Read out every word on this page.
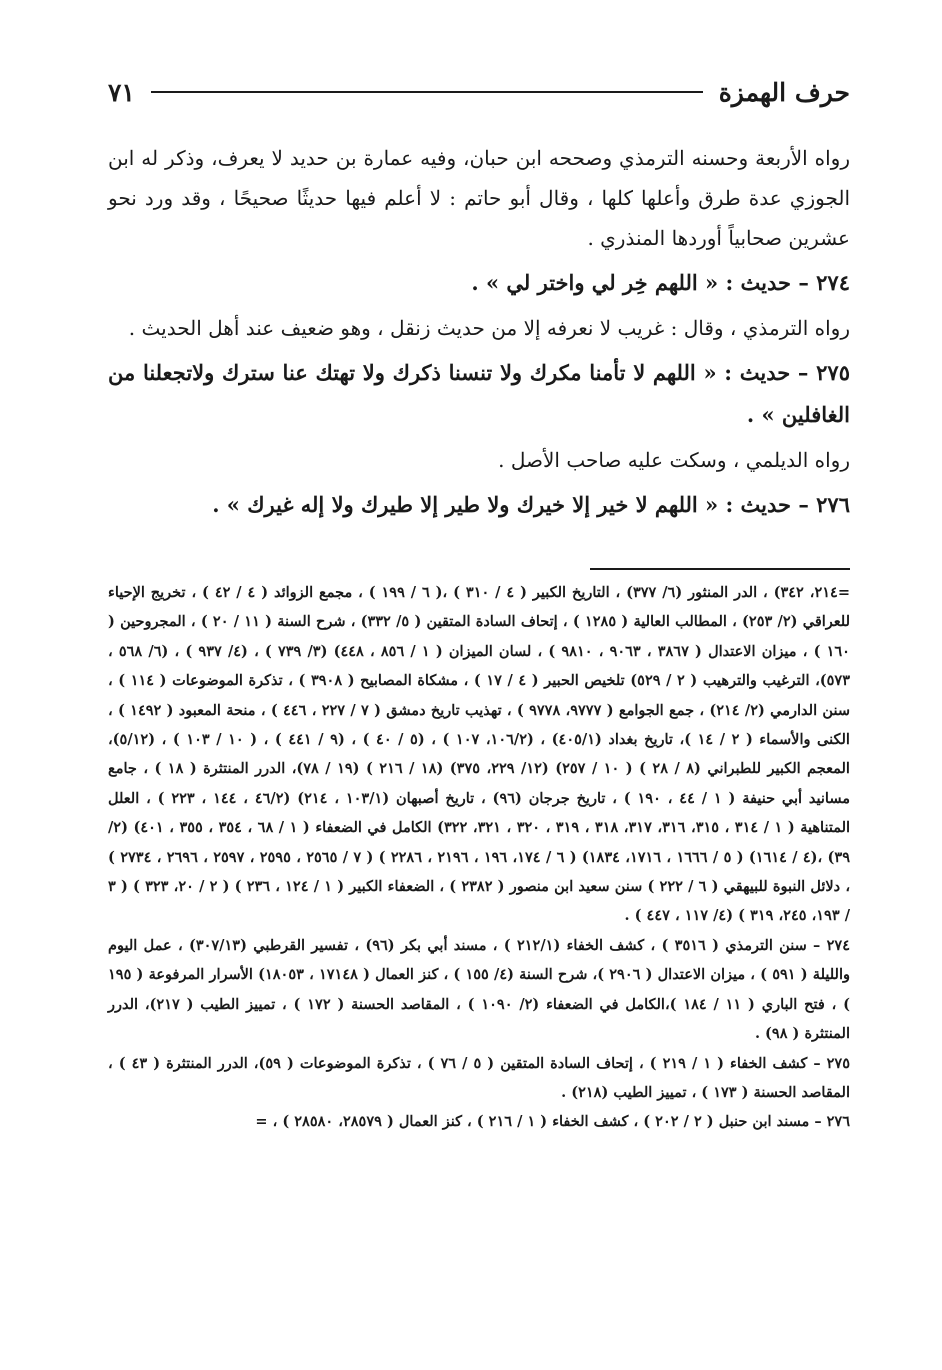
حرف الهمزة
٧١

رواه الأربعة وحسنه الترمذي وصححه ابن حبان، وفيه عمارة بن حديد لا يعرف، وذكر له ابن الجوزي عدة طرق وأعلها كلها ، وقال أبو حاتم : لا أعلم فيها حديثًا صحيحًا ، وقد ورد نحو عشرين صحابياً أوردها المنذري .

٢٧٤ – حديث : « اللهم خِر لي واختر لي » .

رواه الترمذي ، وقال : غريب لا نعرفه إلا من حديث زنقل ، وهو ضعيف عند أهل الحديث .

٢٧٥ – حديث : « اللهم لا تأمنا مكرك ولا تنسنا ذكرك ولا تهتك عنا سترك ولاتجعلنا من الغافلين » .

رواه الديلمي ، وسكت عليه صاحب الأصل .

٢٧٦ – حديث : « اللهم لا خير إلا خيرك ولا طير إلا طيرك ولا إله غيرك » .

=٢١٤، ٣٤٢) ، الدر المنثور (٦/ ٣٧٧) ، التاريخ الكبير ( ٤ / ٣١٠ ) ،( ٦ / ١٩٩ ) ، مجمع الزوائد ( ٤ / ٤٢ ) ، تخريج الإحياء للعراقي (٢/ ٢٥٣) ، المطالب العالية ( ١٢٨٥ ) ، إتحاف السادة المتقين ( ٥/ ٣٣٢) ، شرح السنة ( ١١ / ٢٠ ) ، المجروحين ( ١٦٠ ) ، ميزان الاعتدال ( ٣٨٦٧ ، ٩٠٦٣ ، ٩٨١٠ ) ، لسان الميزان ( ١ / ٨٥٦ ، ٤٤٨) (٣/ ٧٣٩ ) ، (٤/ ٩٣٧ ) ، (٦/ ٥٦٨ ، ٥٧٣)، الترغيب والترهيب ( ٢ / ٥٢٩) تلخيص الحبير ( ٤ / ١٧ ) ، مشكاة المصابيح ( ٣٩٠٨ ) ، تذكرة الموضوعات ( ١١٤ ) ، سنن الدارمي (٢/ ٢١٤) ، جمع الجوامع ( ٩٧٧٧، ٩٧٧٨ ) ، تهذيب تاريخ دمشق ( ٧ / ٢٢٧ ، ٤٤٦ ) ، منحة المعبود ( ١٤٩٢ ) ، الكنى والأسماء ( ٢ / ١٤ )، تاريخ بغداد (٤٠٥/١) ، (١٠٦/٢، ١٠٧ ) ، (٥ / ٤٠ ) ، (٩ / ٤٤١ ) ، ( ١٠ / ١٠٣ ) ، (٥/١٢)، المعجم الكبير للطبراني (٨ / ٢٨ ) ( ١٠ / ٢٥٧) (١٢/ ٢٢٩، ٣٧٥) (١٨ / ٢١٦ ) (١٩ / ٧٨)، الدرر المنتثرة ( ١٨ ) ، جامع مسانيد أبي حنيفة ( ١ / ٤٤ ، ١٩٠ ) ، تاريخ جرجان (٩٦) ، تاريخ أصبهان (١٠٣/١ ، ٢١٤) (٤٦/٢ ، ١٤٤ ، ٢٢٣ ) ، العلل المتناهية ( ١ / ٣١٤ ، ٣١٥، ٣١٦، ٣١٧، ٣١٨ ، ٣١٩ ، ٣٢٠ ، ٣٢١، ٣٢٢) الكامل في الضعفاء ( ١ / ٦٨ ، ٣٥٤ ، ٣٥٥ ، ٤٠١) (٢/ ٣٩) ،(٤ / ١٦١٤) ( ٥ / ١٦٦٦ ، ١٧١٦، ١٨٣٤) ( ٦ / ١٧٤، ١٩٦ ، ٢١٩٦ ، ٢٢٨٦ ) ( ٧ / ٢٥٦٥ ، ٢٥٩٥ ، ٢٥٩٧ ، ٢٦٩٦ ، ٢٧٣٤ ) ، دلائل النبوة للبيهقي ( ٦ / ٢٢٢ ) سنن سعيد ابن منصور ( ٢٣٨٢ ) ، الضعفاء الكبير ( ١ / ١٢٤ ، ٢٣٦ ) ( ٢ / ٢٠، ٣٢٣ ) ( ٣ / ١٩٣، ٢٤٥، ٣١٩ ) (٤/ ١١٧ ، ٤٤٧ ) .

٢٧٤ – سنن الترمذي ( ٣٥١٦ ) ، كشف الخفاء (٢١٢/١ ) ، مسند أبي بكر (٩٦) ، تفسير القرطبي (٣٠٧/١٣) ، عمل اليوم والليلة ( ٥٩١ ) ، ميزان الاعتدال ( ٢٩٠٦ )، شرح السنة (٤/ ١٥٥ ) ، كنز العمال ( ١٧١٤٨ ، ١٨٠٥٣) الأسرار المرفوعة ( ١٩٥ ) ، فتح الباري ( ١١ / ١٨٤ )،الكامل في الضعفاء (٢/ ١٠٩٠ ) ، المقاصد الحسنة ( ١٧٢ ) ، تمييز الطيب ( ٢١٧)، الدرر المنتثرة ( ٩٨) .

٢٧٥ – كشف الخفاء ( ١ / ٢١٩ ) ، إتحاف السادة المتقين ( ٥ / ٧٦ ) ، تذكرة الموضوعات ( ٥٩)، الدرر المنتثرة ( ٤٣ ) ، المقاصد الحسنة ( ١٧٣ ) ، تمييز الطيب (٢١٨) .

٢٧٦ – مسند ابن حنبل ( ٢ / ٢٠٢ ) ، كشف الخفاء ( ١ / ٢١٦ ) ، كنز العمال ( ٢٨٥٧٩، ٢٨٥٨٠ ) ، =
